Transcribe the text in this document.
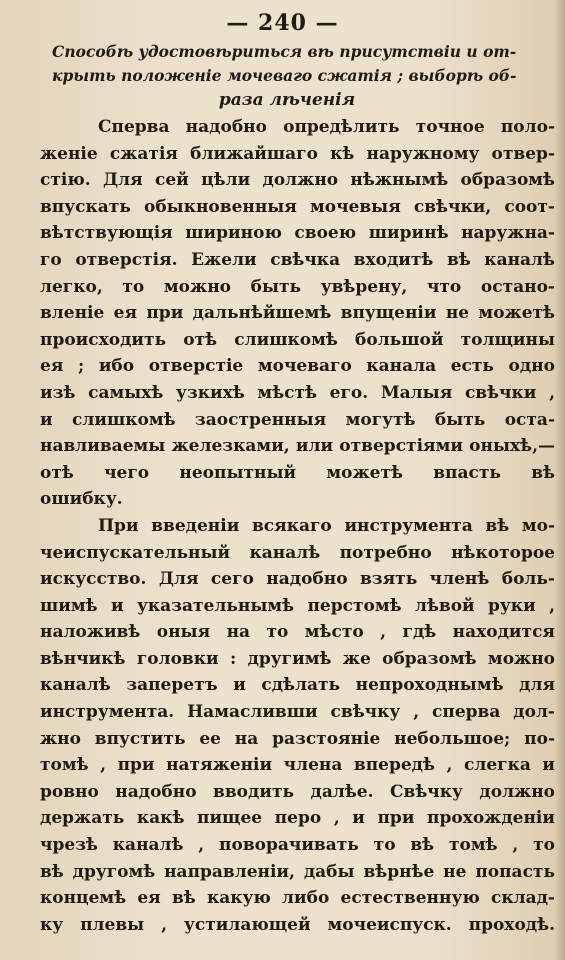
— 240 —
Способѣ удостовѣриться вѣ присутствіи и от-
крыть положеніе мочеваго сжатія ; выборѣ об-
раза лѣченія
Сперва надобно опредѣлить точное поло-
женіе сжатія ближайшаго кѣ наружному отвер-
стію. Для сей цѣли должно нѣжнымѣ образомѣ
впускать обыкновенныя мочевыя свѣчки, соот-
вѣтствующія шириною своею ширинѣ наружна-
го отверстія. Ежели свѣчка входитѣ вѣ каналѣ
легко, то можно быть увѣрену, что остано-
вленіе ея при дальнѣйшемѣ впущеніи не можетѣ
происходить отѣ слишкомѣ большой толщины
ея ; ибо отверстіе мочеваго канала есть одно
изѣ самыхѣ узкихѣ мѣстѣ его. Малыя свѣчки ,
и слишкомѣ заостренныя могутѣ быть оста-
навливаемы железками, или отверстіями оныхѣ,—
отѣ чего неопытный можетѣ впасть вѣ
ошибку.
При введеніи всякаго инструмента вѣ мо-
чеиспускательный каналѣ потребно нѣкоторое
искусство. Для сего надобно взять членѣ боль-
шимѣ и указательнымѣ перстомѣ лѣвой руки ,
наложивѣ оныя на то мѣсто , гдѣ находится
вѣнчикѣ головки : другимѣ же образомѣ можно
каналѣ заперетъ и сдѣлать непроходнымѣ для
инструмента. Намасливши свѣчку , сперва дол-
жно впустить ее на разстояніе небольшое; по-
томѣ , при натяженіи члена впередѣ , слегка и
ровно надобно вводить далѣе. Свѣчку должно
держать какѣ пищее перо , и при прохожденіи
чрезѣ каналѣ , поворачивать то вѣ томѣ , то
вѣ другомѣ направленіи, дабы вѣрнѣе не попасть
концемѣ ея вѣ какую либо естественную склад-
ку плевы , устилающей мочеиспуск. проходѣ.
